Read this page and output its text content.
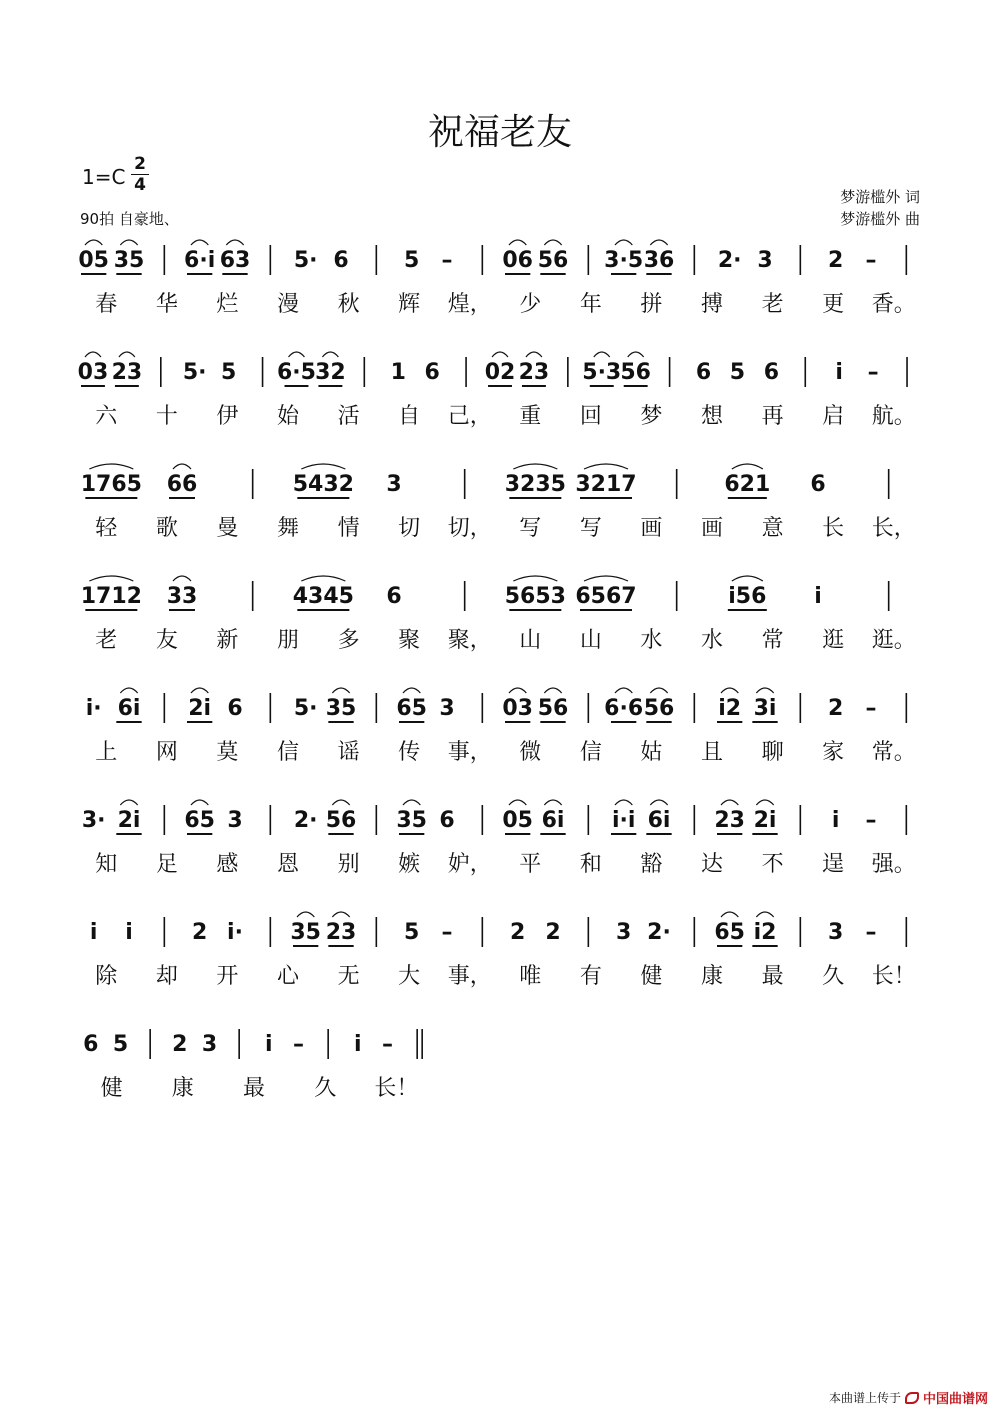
祝福老友
1=C
2
4
90拍 自豪地、
梦游槛外 词
梦游槛外 曲
05 35 6·i 63 5· 6	5 – 06 56 3·5 36 2· 3	2 –
春 华 烂 漫 秋 辉 煌， 少 年 拼 搏 老 更 香。
03 23 5· 5 6·5 32 1 6 02 23 5·3 56 6 5 6	i –
六 十 伊 始 活 自 己， 重 回 梦 想 再 启 航。
1765 66	5432 3	3235 3217	621 6
轻 歌 曼 舞 情 切 切， 写 写 画 画 意 长 长，
1712 33	4345 6	5653 6567	i56 i
老 友 新 朋 多 聚 聚， 山 山 水 水 常 逛 逛。
i· 6i 2i 6 5· 35 65 3 03 56 6·6 56 i2 3i 2 –
上 网 莫 信 谣 传 事， 微 信 姑 且 聊 家 常。
3· 2i 65 3 2· 56 35 6 05 6i i·i 6i 23 2i	i –
知 足 感 恩 别 嫉 妒， 平 和 豁 达 不 逞 强。
i i	2 i· 35 23 5 –	2 2	3 2· 65 i2 3 –
除 却 开 心 无 大 事， 唯 有 健 康 最 久 长！
6 5 2 3 i – i –
健 康 最 久 长！
本曲谱上传于 中国曲谱网
